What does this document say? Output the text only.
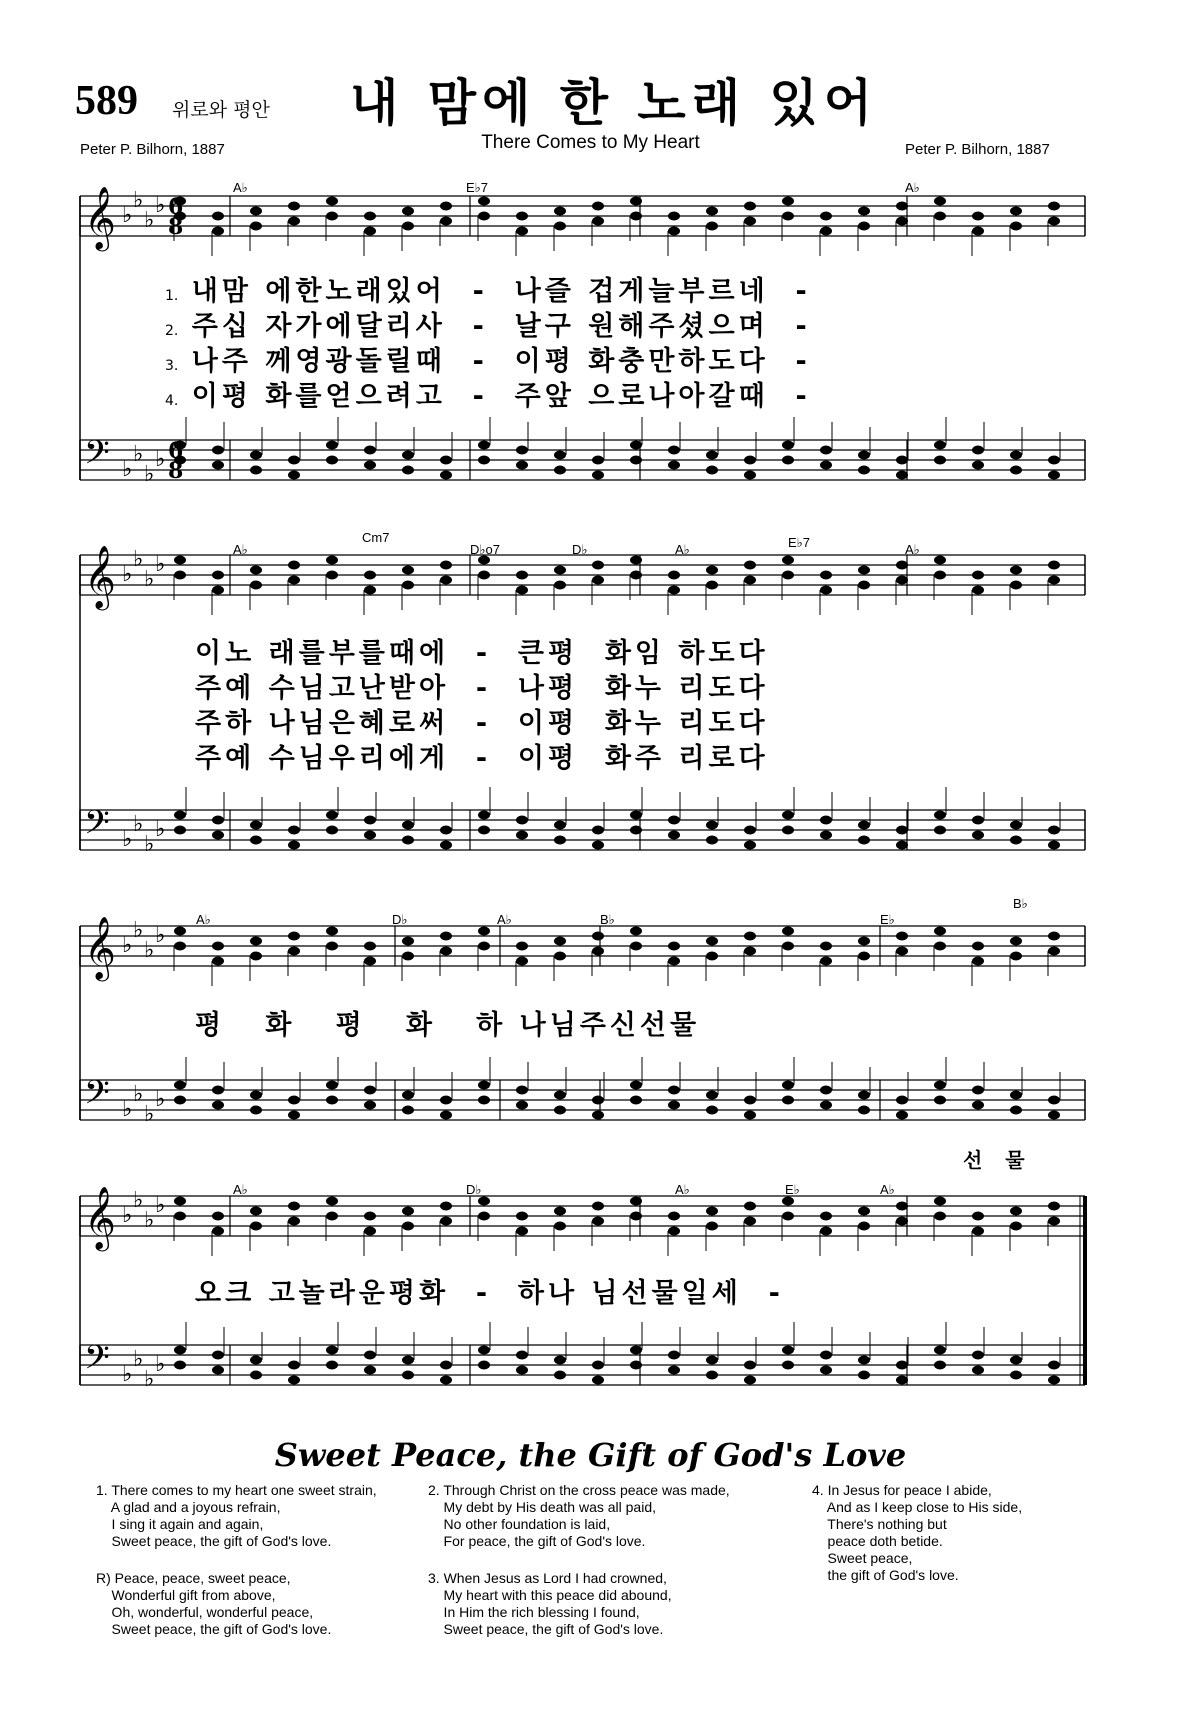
589 위로와 평안 내 맘에 한 노래 있어
There Comes to My Heart
Peter P. Bilhorn, 1887	Peter P. Bilhorn, 1887
𝄞 ♭
♭
♭
♭
𝄢 ♭
♭
♭
♭
𝄞 ♭
♭
♭
♭
𝄢 ♭
♭
♭
♭
𝄞 ♭
♭
♭
♭
𝄢 ♭
♭
♭
♭
𝄞 ♭
♭
♭
♭
𝄢 ♭
♭
♭
♭
6
6
8
8
A♭	E♭7	A♭
1. 내맘 에한노래있어  -  나즐 겁게늘부르네  -
2. 주십 자가에달리사  -  날구 원해주셨으며  -
3. 나주 께영광돌릴때  -  이평 화충만하도다  -
4. 이평 화를얻으려고  -  주앞 으로나아갈때  -
A♭
Cm7
D♭o7	D♭	A♭	E♭7	A♭
이노 래를부를때에  -  큰평  화임 하도다
주예 수님고난받아  -  나평  화누 리도다
주하 나님은혜로써  -  이평  화누 리도다
주예 수님우리에게  -  이평  화주 리로다
A♭	D♭	A♭	B♭	E♭
B♭
평   화   평   화   하 나님주신선물
선 물
A♭	D♭	A♭	E♭	A♭
오크 고놀라운평화  -  하나 님선물일세  -
Sweet Peace, the Gift of God's Love
1. There comes to my heart one sweet strain,
A glad and a joyous refrain,
I sing it again and again,
Sweet peace, the gift of God's love.
R) Peace, peace, sweet peace,
Wonderful gift from above,
Oh, wonderful, wonderful peace,
Sweet peace, the gift of God's love.
2. Through Christ on the cross peace was made,
My debt by His death was all paid,
No other foundation is laid,
For peace, the gift of God's love.
3. When Jesus as Lord I had crowned,
My heart with this peace did abound,
In Him the rich blessing I found,
Sweet peace, the gift of God's love.
4. In Jesus for peace I abide,
And as I keep close to His side,
There's nothing but
peace doth betide.
Sweet peace,
the gift of God's love.
